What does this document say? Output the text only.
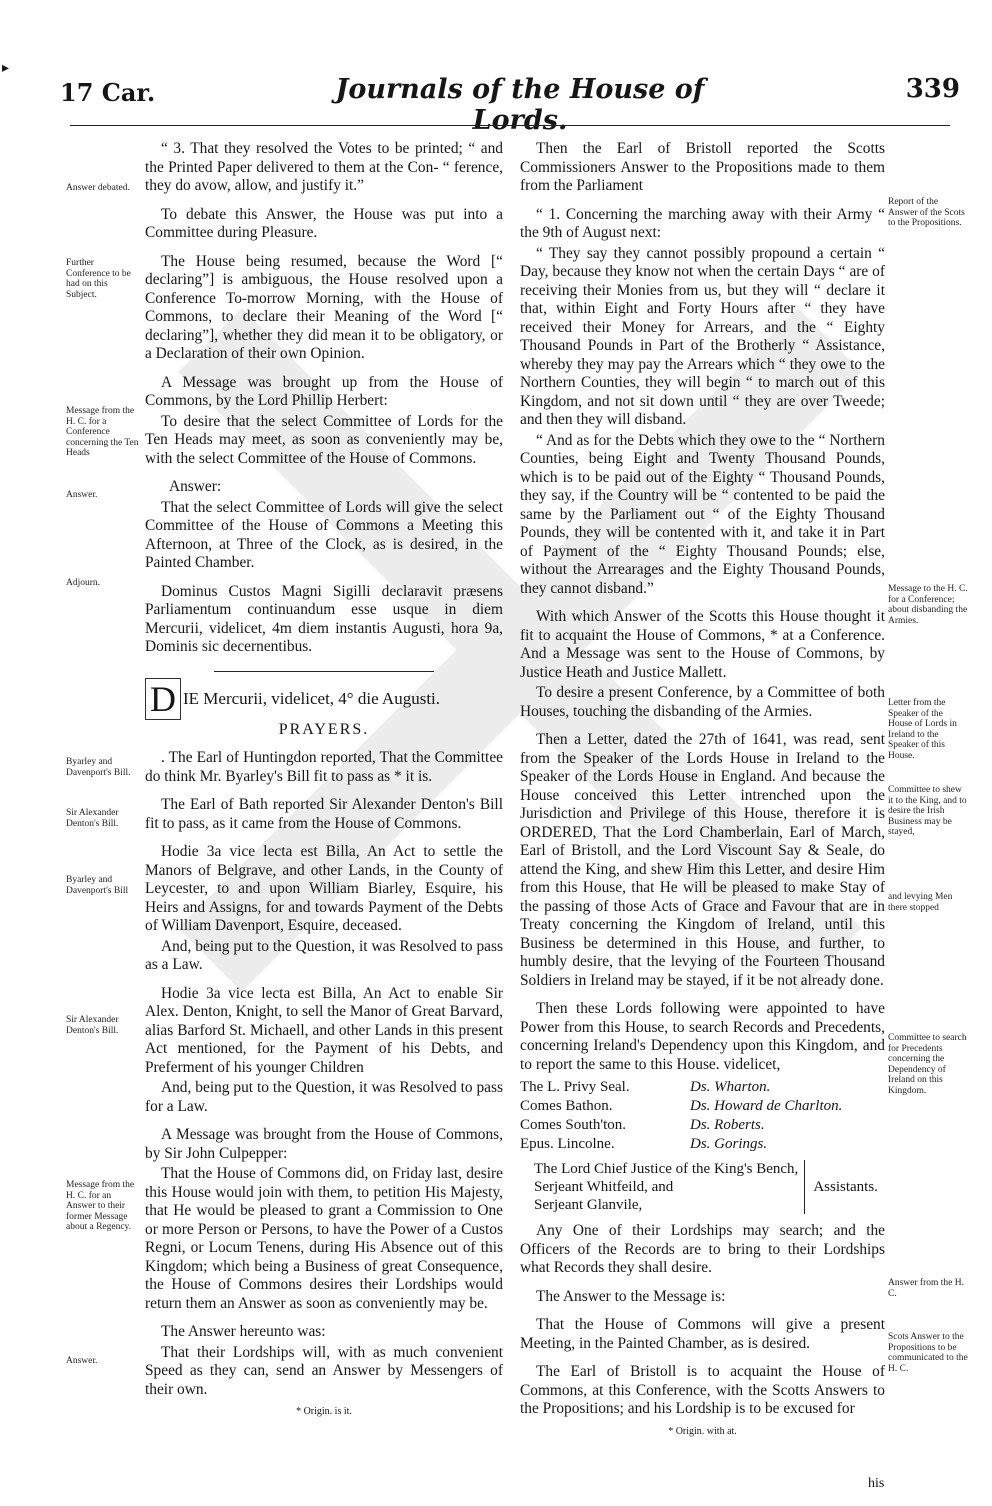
▸
17 Car.	Journals of the House of Lords.
339
Answer debated.
Further Conference to be had on this Subject.
Message from the H. C. for a Conference concerning the Ten Heads
Answer.
Adjourn.
Byarley and Davenport's Bill.
Sir Alexander Denton's Bill.
Byarley and Davenport's Bill
Sir Alexander Denton's Bill.
Message from the H. C. for an Answer to their former Message about a Regency.
Answer.
Report of the Answer of the Scots to the Propositions.
Message to the H. C. for a Conference; about disbanding the Armies.
Letter from the Speaker of the House of Lords in Ireland to the Speaker of this House.
Committee to shew it to the King, and to desire the Irish Business may be stayed,
and levying Men there stopped
Committee to search for Precedents concerning the Dependency of Ireland on this Kingdom.
Answer from the H. C.
Scots Answer to the Propositions to be communicated to the H. C.

“ 3. That they resolved the Votes to be printed; “ and the Printed Paper delivered to them at the Con- “ ference, they do avow, allow, and justify it.”

To debate this Answer, the House was put into a Committee during Pleasure.

The House being resumed, because the Word [“ declaring”] is ambiguous, the House resolved upon a Conference To-morrow Morning, with the House of Commons, to declare their Meaning of the Word [“ declaring”], whether they did mean it to be obligatory, or a Declaration of their own Opinion.

A Message was brought up from the House of Commons, by the Lord Phillip Herbert:

To desire that the select Committee of Lords for the Ten Heads may meet, as soon as conveniently may be, with the select Committee of the House of Commons.

Answer:

That the select Committee of Lords will give the select Committee of the House of Commons a Meeting this Afternoon, at Three of the Clock, as is desired, in the Painted Chamber.

Dominus Custos Magni Sigilli declaravit præsens Parliamentum continuandum esse usque in diem Mercurii, videlicet, 4m diem instantis Augusti, hora 9a, Dominis sic decernentibus.

D IE Mercurii, videlicet, 4° die Augusti.
PRAYERS.

. The Earl of Huntingdon reported, That the Committee do think Mr. Byarley's Bill fit to pass as * it is.

The Earl of Bath reported Sir Alexander Denton's Bill fit to pass, as it came from the House of Commons.

Hodie 3a vice lecta est Billa, An Act to settle the Manors of Belgrave, and other Lands, in the County of Leycester, to and upon William Biarley, Esquire, his Heirs and Assigns, for and towards Payment of the Debts of William Davenport, Esquire, deceased.

And, being put to the Question, it was Resolved to pass as a Law.

Hodie 3a vice lecta est Billa, An Act to enable Sir Alex. Denton, Knight, to sell the Manor of Great Barvard, alias Barford St. Michaell, and other Lands in this present Act mentioned, for the Payment of his Debts, and Preferment of his younger Children

And, being put to the Question, it was Resolved to pass for a Law.

A Message was brought from the House of Commons, by Sir John Culpepper:

That the House of Commons did, on Friday last, desire this House would join with them, to petition His Majesty, that He would be pleased to grant a Commission to One or more Person or Persons, to have the Power of a Custos Regni, or Locum Tenens, during His Absence out of this Kingdom; which being a Business of great Consequence, the House of Commons desires their Lordships would return them an Answer as soon as conveniently may be.

The Answer hereunto was:

That their Lordships will, with as much convenient Speed as they can, send an Answer by Messengers of their own.

* Origin. is it.

Then the Earl of Bristoll reported the Scotts Commissioners Answer to the Propositions made to them from the Parliament

“ 1. Concerning the marching away with their Army “ the 9th of August next:

“ They say they cannot possibly propound a certain “ Day, because they know not when the certain Days “ are of receiving their Monies from us, but they will “ declare it that, within Eight and Forty Hours after “ they have received their Money for Arrears, and the “ Eighty Thousand Pounds in Part of the Brotherly “ Assistance, whereby they may pay the Arrears which “ they owe to the Northern Counties, they will begin “ to march out of this Kingdom, and not sit down until “ they are over Tweede; and then they will disband.

“ And as for the Debts which they owe to the “ Northern Counties, being Eight and Twenty Thousand Pounds, which is to be paid out of the Eighty “ Thousand Pounds, they say, if the Country will be “ contented to be paid the same by the Parliament out “ of the Eighty Thousand Pounds, they will be contented with it, and take it in Part of Payment of the “ Eighty Thousand Pounds; else, without the Arrearages and the Eighty Thousand Pounds, they cannot disband.”

With which Answer of the Scotts this House thought it fit to acquaint the House of Commons, * at a Conference. And a Message was sent to the House of Commons, by Justice Heath and Justice Mallett.

To desire a present Conference, by a Committee of both Houses, touching the disbanding of the Armies.

Then a Letter, dated the 27th of 1641, was read, sent from the Speaker of the Lords House in Ireland to the Speaker of the Lords House in England. And because the House conceived this Letter intrenched upon the Jurisdiction and Privilege of this House, therefore it is ORDERED, That the Lord Chamberlain, Earl of March, Earl of Bristoll, and the Lord Viscount Say & Seale, do attend the King, and shew Him this Letter, and desire Him from this House, that He will be pleased to make Stay of the passing of those Acts of Grace and Favour that are in Treaty concerning the Kingdom of Ireland, until this Business be determined in this House, and further, to humbly desire, that the levying of the Fourteen Thousand Soldiers in Ireland may be stayed, if it be not already done.

Then these Lords following were appointed to have Power from this House, to search Records and Precedents, concerning Ireland's Dependency upon this Kingdom, and to report the same to this House. videlicet,

The L. Privy Seal.
Comes Bathon.
Comes South'ton.
Epus. Lincolne.
Ds. Wharton.
Ds. Howard de Charlton.
Ds. Roberts.
Ds. Gorings.
The Lord Chief Justice of the King's Bench,
Serjeant Whitfeild, and
Serjeant Glanvile,
Assistants.

Any One of their Lordships may search; and the Officers of the Records are to bring to their Lordships what Records they shall desire.

The Answer to the Message is:

That the House of Commons will give a present Meeting, in the Painted Chamber, as is desired.

The Earl of Bristoll is to acquaint the House of Commons, at this Conference, with the Scotts Answers to the Propositions; and his Lordship is to be excused for

* Origin. with at.
his
